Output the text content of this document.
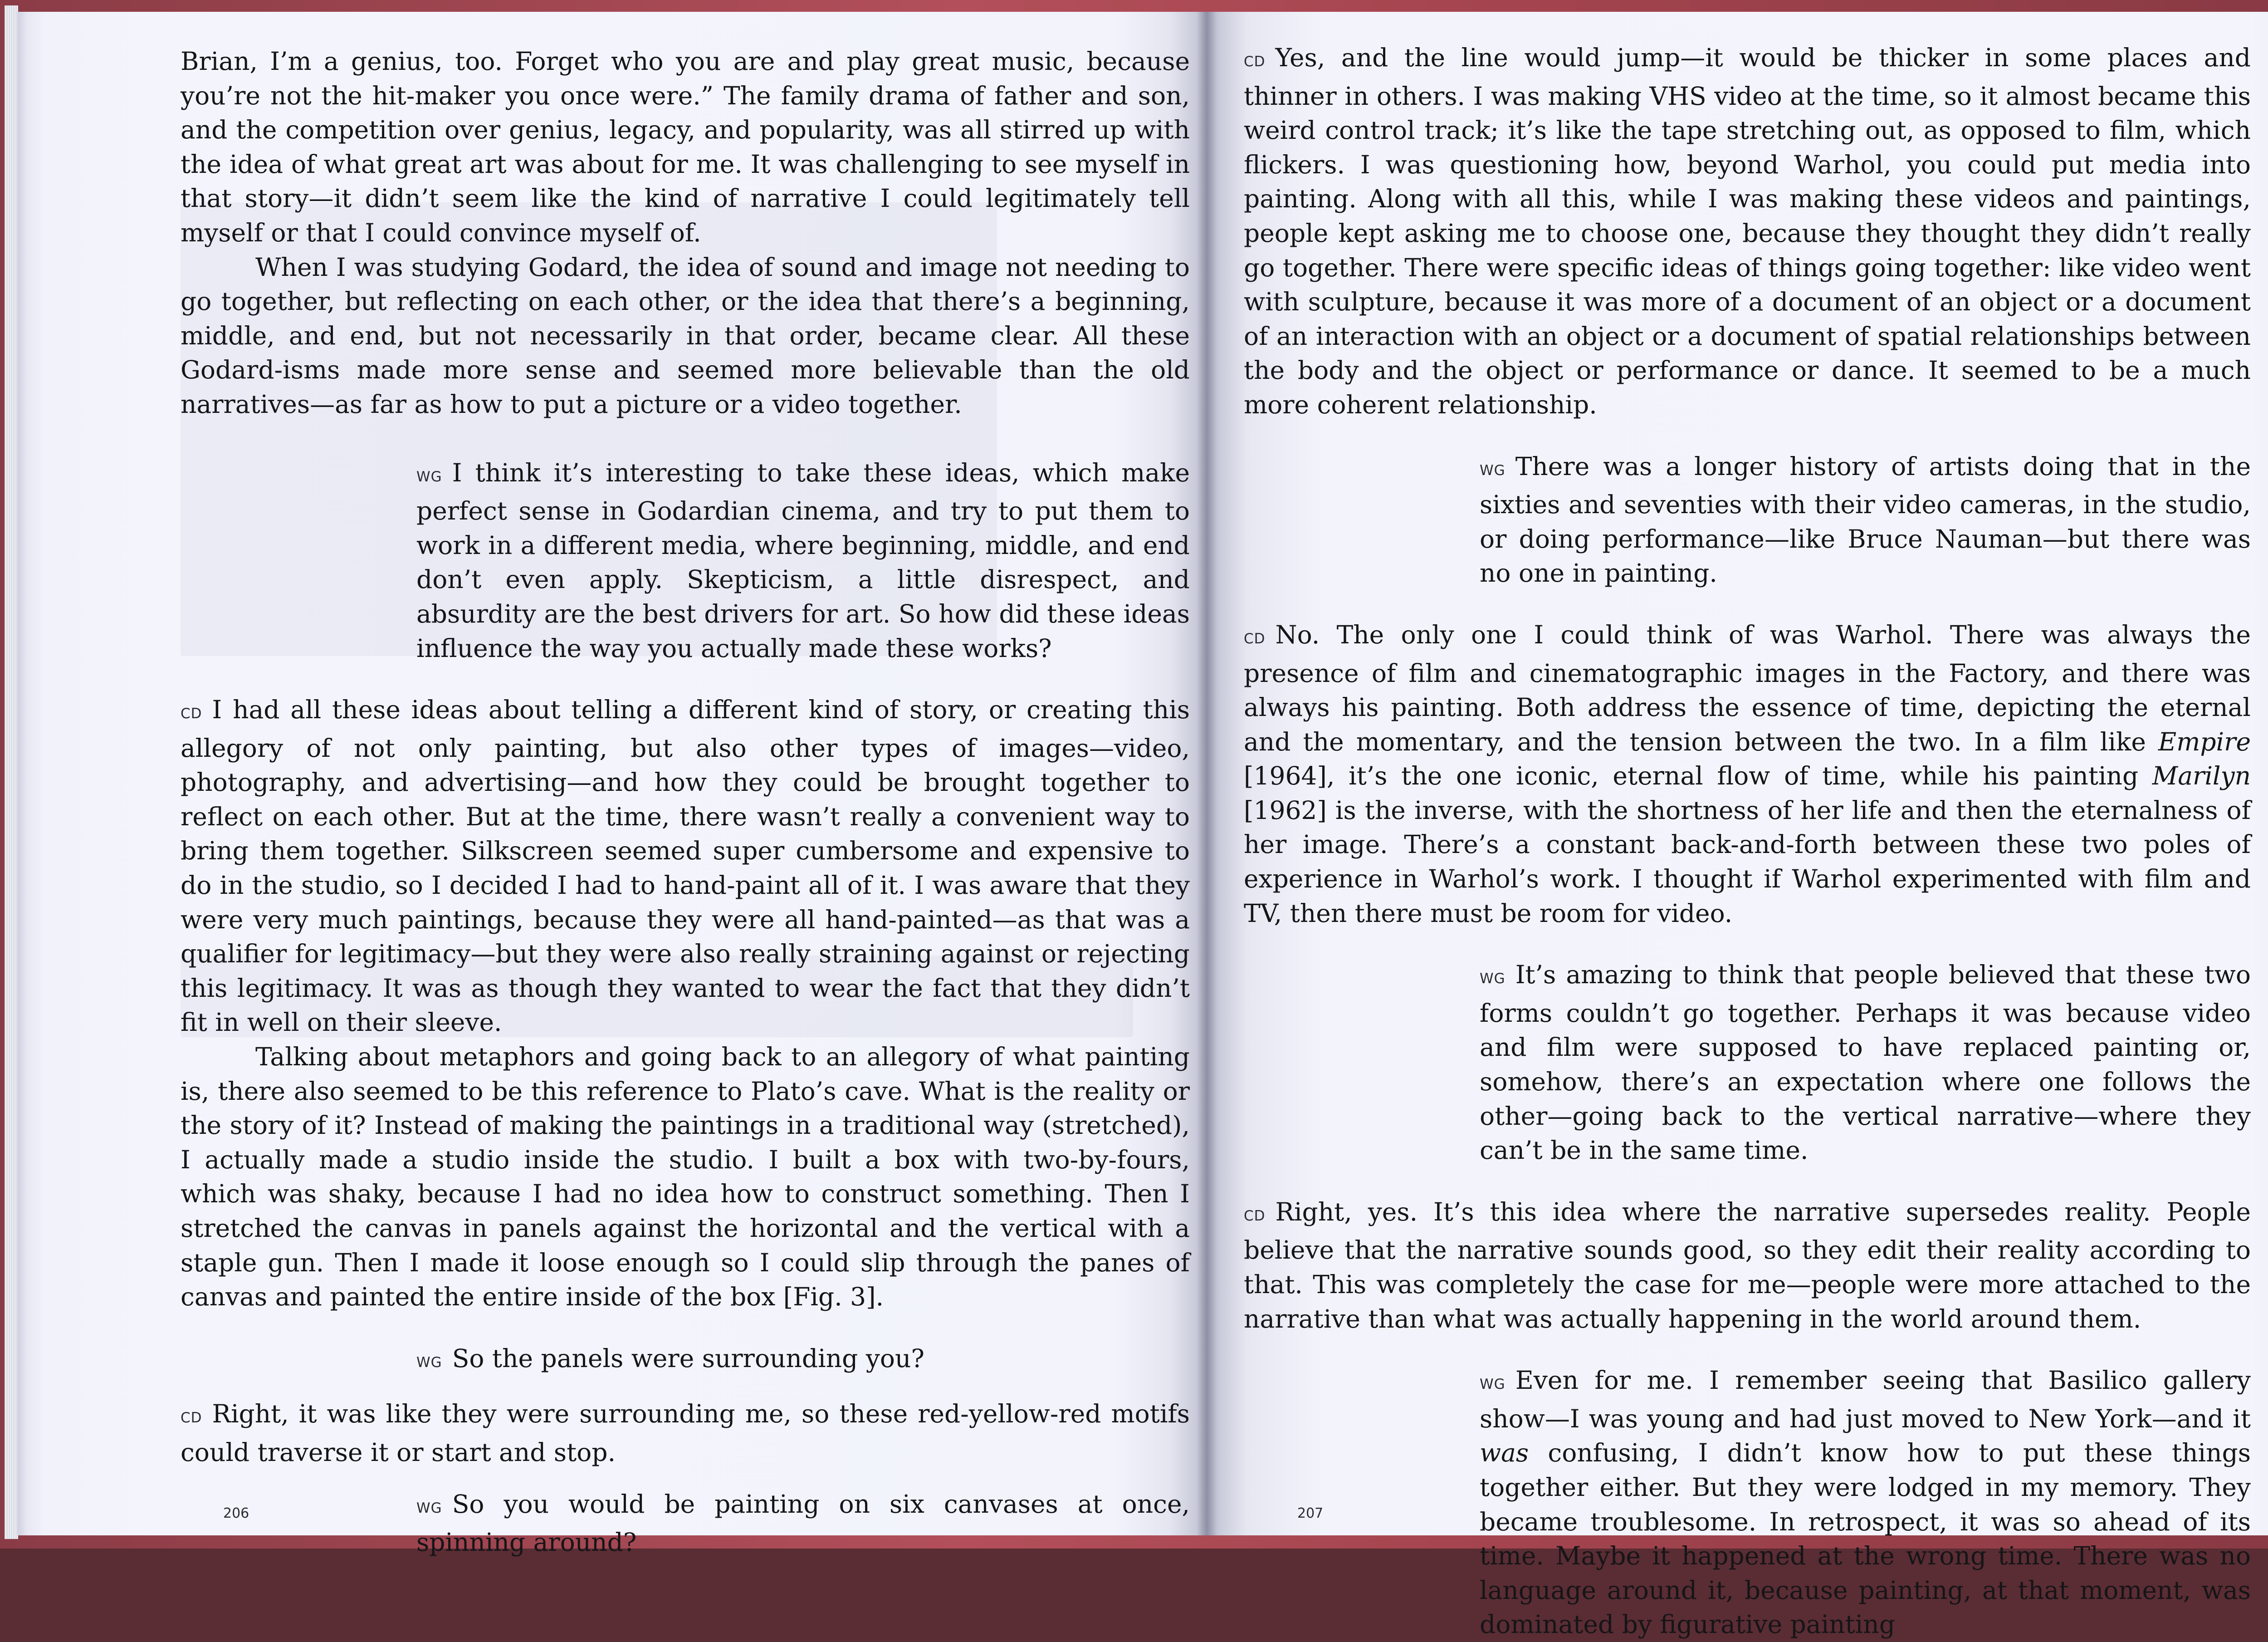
Brian, I’m a genius, too. Forget who you are and play great music, because you’re not the hit-maker you once were.” The family drama of father and son, and the competition over genius, legacy, and popularity, was all stirred up with the idea of what great art was about for me. It was challenging to see myself in that story—it didn’t seem like the kind of narrative I could legitimately tell myself or that I could convince myself of.

When I was studying Godard, the idea of sound and image not needing to go together, but reflecting on each other, or the idea that there’s a beginning, middle, and end, but not necessarily in that order, became clear. All these Godard-isms made more sense and seemed more believable than the old narratives—as far as how to put a picture or a video together.

WG I think it’s interesting to take these ideas, which make perfect sense in Godardian cinema, and try to put them to work in a different media, where beginning, middle, and end don’t even apply. Skepticism, a little disrespect, and absurdity are the best drivers for art. So how did these ideas influence the way you actually made these works?

CD I had all these ideas about telling a different kind of story, or creating this allegory of not only painting, but also other types of images—video, photography, and advertising—and how they could be brought together to reflect on each other. But at the time, there wasn’t really a convenient way to bring them together. Silkscreen seemed super cumbersome and expensive to do in the studio, so I decided I had to hand-paint all of it. I was aware that they were very much paintings, because they were all hand-painted—as that was a qualifier for legitimacy—but they were also really straining against or rejecting this legitimacy. It was as though they wanted to wear the fact that they didn’t fit in well on their sleeve.

Talking about metaphors and going back to an allegory of what painting is, there also seemed to be this reference to Plato’s cave. What is the reality or the story of it? Instead of making the paintings in a traditional way (stretched), I actually made a studio inside the studio. I built a box with two-by-fours, which was shaky, because I had no idea how to construct something. Then I stretched the canvas in panels against the horizontal and the vertical with a staple gun. Then I made it loose enough so I could slip through the panes of canvas and painted the entire inside of the box [Fig. 3].

WG So the panels were surrounding you?

CD Right, it was like they were surrounding me, so these red-yellow-red motifs could traverse it or start and stop.

WG So you would be painting on six canvases at once, spinning around?

206

CD Yes, and the line would jump—it would be thicker in some places and thinner in others. I was making VHS video at the time, so it almost became this weird control track; it’s like the tape stretching out, as opposed to film, which flickers. I was questioning how, beyond Warhol, you could put media into painting. Along with all this, while I was making these videos and paintings, people kept asking me to choose one, because they thought they didn’t really go together. There were specific ideas of things going together: like video went with sculpture, because it was more of a document of an object or a document of an interaction with an object or a document of spatial relationships between the body and the object or performance or dance. It seemed to be a much more coherent relationship.

WG There was a longer history of artists doing that in the sixties and seventies with their video cameras, in the studio, or doing performance—like Bruce Nauman—but there was no one in painting.

CD No. The only one I could think of was Warhol. There was always the presence of film and cinematographic images in the Factory, and there was always his painting. Both address the essence of time, depicting the eternal and the momentary, and the tension between the two. In a film like Empire [1964], it’s the one iconic, eternal flow of time, while his painting Marilyn [1962] is the inverse, with the shortness of her life and then the eternalness of her image. There’s a constant back-and-forth between these two poles of experience in Warhol’s work. I thought if Warhol experimented with film and TV, then there must be room for video.

WG It’s amazing to think that people believed that these two forms couldn’t go together. Perhaps it was because video and film were supposed to have replaced painting or, somehow, there’s an expectation where one follows the other—going back to the vertical narrative—where they can’t be in the same time.

CD Right, yes. It’s this idea where the narrative supersedes reality. People believe that the narrative sounds good, so they edit their reality according to that. This was completely the case for me—people were more attached to the narrative than what was actually happening in the world around them.

WG Even for me. I remember seeing that Basilico gallery show—I was young and had just moved to New York—and it was confusing, I didn’t know how to put these things together either. But they were lodged in my memory. They became troublesome. In retrospect, it was so ahead of its time. Maybe it happened at the wrong time. There was no language around it, because painting, at that moment, was dominated by figurative painting

207
